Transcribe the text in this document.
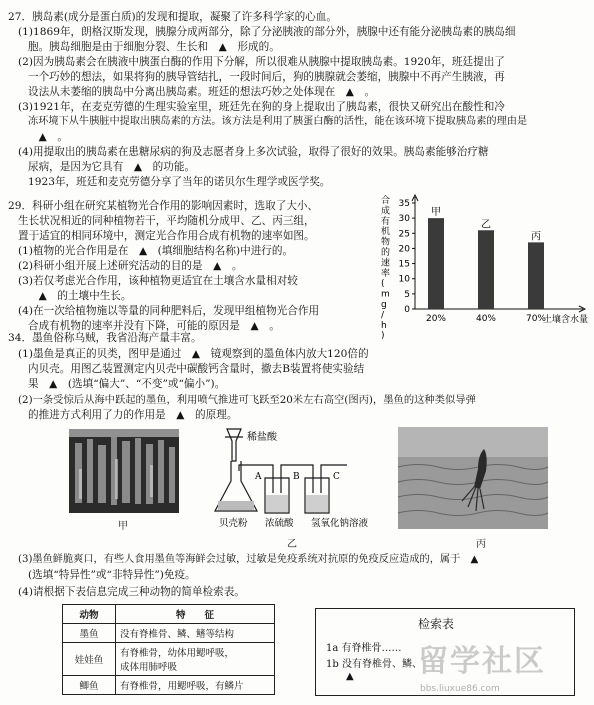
27．胰岛素(成分是蛋白质)的发现和提取，凝聚了许多科学家的心血。
(1)1869年，朗格汉斯发现，胰腺分成两部分，除了分泌胰液的部分外，胰腺中还有能分泌胰岛素的胰岛细
胞。胰岛细胞是由于细胞分裂、生长和　▲　形成的。
(2)因为胰岛素会在胰液中胰蛋白酶的作用下分解，所以很难从胰腺中提取胰岛素。1920年，班廷提出了
一个巧妙的想法，如果将狗的胰导管结扎，一段时间后，狗的胰腺就会萎缩，胰腺中不再产生胰液，再
设法从未萎缩的胰岛中分离出胰岛素。班廷的想法巧妙之处体现在　▲　。
(3)1921年，在麦克劳德的生理实验室里，班廷先在狗的身上提取出了胰岛素，很快又研究出在酸性和冷
冻环境下从牛胰脏中提取出胰岛素的方法。该方法是利用了胰蛋白酶的活性，能在该环境下提取胰岛素的理由是
　▲　。
(4)用提取出的胰岛素在患糖尿病的狗及志愿者身上多次试验，取得了很好的效果。胰岛素能够治疗糖
尿病，是因为它具有　▲　的功能。
1923年，班廷和麦克劳德分享了当年的诺贝尔生理学或医学奖。
29．科研小组在研究某植物光合作用的影响因素时，选取了大小、
生长状况相近的同种植物若干，平均随机分成甲、乙、丙三组，
置于适宜的相同环境中，测定光合作用合成有机物的速率如图。
(1)植物的光合作用是在　▲　(填细胞结构名称)中进行的。
(2)科研小组开展上述研究活动的目的是　▲　。
(3)若仅考虑光合作用，该种植物更适宜在土壤含水量相对较
　▲　的土壤中生长。
(4)在一次给植物施以等量的同种肥料后，发现甲组植物光合作用
合成有机物的速率并没有下降，可能的原因是　▲　。
合
成
有
机
物
的
速
率
(
m
g
/
h
)
0
5
10
15
20
25
30
35
甲
20%
乙
40%
丙
70%
土壤含水量
34．墨鱼俗称乌贼，我省沿海产量丰富。
(1)墨鱼是真正的贝类，图甲是通过　▲　镜观察到的墨鱼体内放大120倍的
内贝壳。用图乙装置测定内贝壳中碳酸钙含量时，撤去B装置将使实验结
果　▲　(选填“偏大”、“不变”或“偏小”)。
(2)一条受惊后从海中跃起的墨鱼，利用喷气推进可飞跃至20米左右高空(图丙)，墨鱼的这种类似导弹
的推进方式利用了力的作用是　▲　的原理。
(3)墨鱼鲜脆爽口，有些人食用墨鱼等海鲜会过敏，过敏是免疫系统对抗原的免疫反应造成的，属于　▲
(选填“特异性”或“非特异性”)免疫。
(4)请根据下表信息完成三种动物的简单检索表。
甲
稀盐酸
A	B	C
贝壳粉 浓硫酸 氢氧化钠溶液
乙	丙
动物	特　　征
墨鱼	没有脊椎骨、鳞、鳍等结构
娃娃鱼	有脊椎骨，幼体用鳃呼吸，
成体用肺呼吸

鲫鱼	有脊椎骨，用鳃呼吸，有鳞片
检索表
1a 有脊椎骨……
1b 没有脊椎骨、鳞、
▲ 留学社区
bbs.liuxue86.com
